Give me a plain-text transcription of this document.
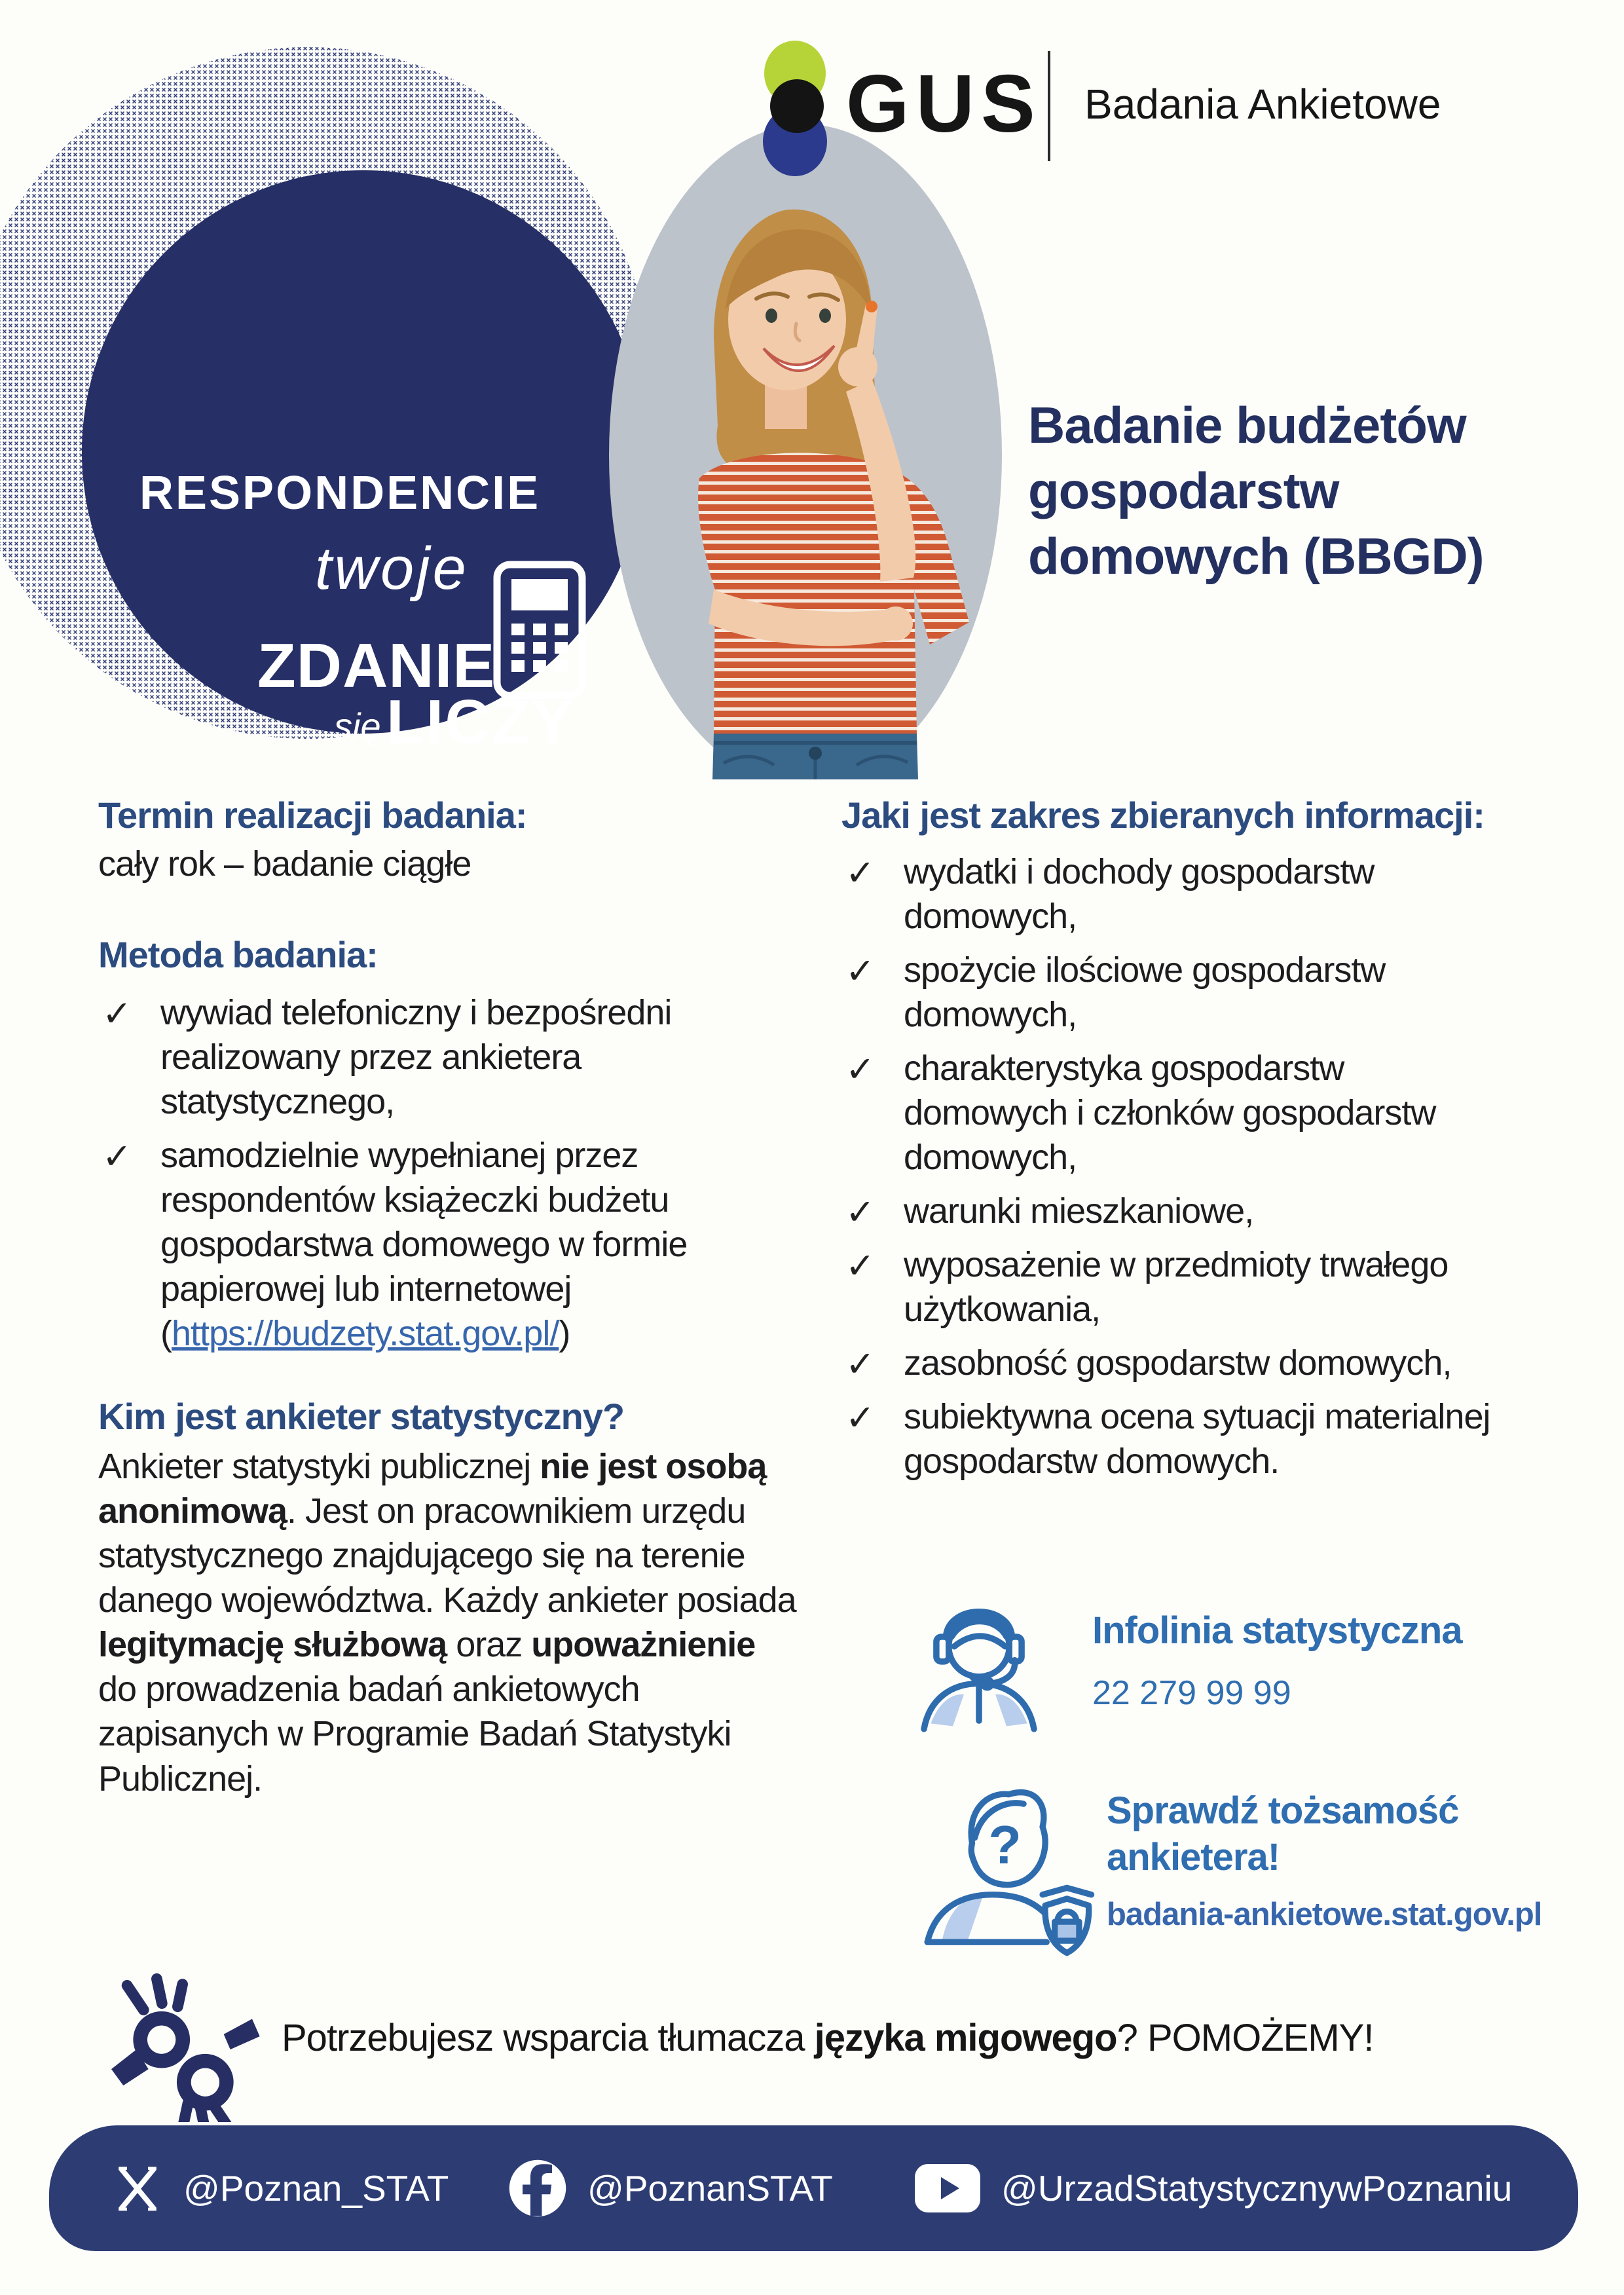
RESPONDENCIE
twoje
ZDANIE
się LICZY
GUS Badania Ankietowe
Badanie budżetów gospodarstw domowych (BBGD)
Termin realizacji badania:
cały rok – badanie ciągłe
Metoda badania:
✓ wywiad telefoniczny i bezpośredni realizowany przez ankietera statystycznego,
✓ samodzielnie wypełnianej przez respondentów książeczki budżetu gospodarstwa domowego w formie papierowej lub internetowej (https://budzety.stat.gov.pl/)
Kim jest ankieter statystyczny?
Ankieter statystyki publicznej nie jest osobą anonimową. Jest on pracownikiem urzędu statystycznego znajdującego się na terenie danego województwa. Każdy ankieter posiada legitymację służbową oraz upoważnienie do prowadzenia badań ankietowych zapisanych w Programie Badań Statystyki Publicznej.
Jaki jest zakres zbieranych informacji:
✓ wydatki i dochody gospodarstw domowych,
✓ spożycie ilościowe gospodarstw domowych,
✓ charakterystyka gospodarstw domowych i członków gospodarstw domowych,
✓ warunki mieszkaniowe,
✓ wyposażenie w przedmioty trwałego użytkowania,
✓ zasobność gospodarstw domowych,
✓ subiektywna ocena sytuacji materialnej gospodarstw domowych.
Infolinia statystyczna
22 279 99 99
?
Sprawdź tożsamość ankietera!
badania-ankietowe.stat.gov.pl
Potrzebujesz wsparcia tłumacza języka migowego? POMOŻEMY!
@Poznan_STAT	@PoznanSTAT	@UrzadStatystycznywPoznaniu
